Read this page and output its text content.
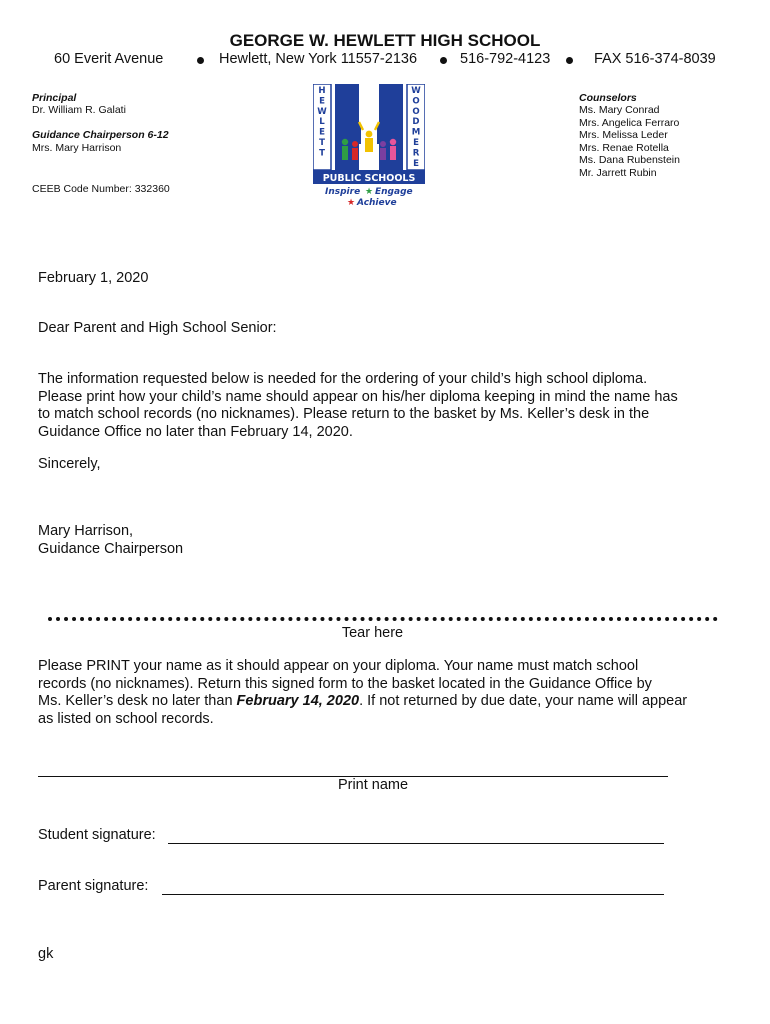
GEORGE W. HEWLETT HIGH SCHOOL
60 Everit Avenue	Hewlett, New York 11557-2136	516-792-4123	FAX 516-374-8039
Principal
Dr. William R. Galati
Guidance Chairperson 6-12
Mrs. Mary Harrison
CEEB Code Number: 332360
Counselors
Ms. Mary Conrad
Mrs. Angelica Ferraro
Mrs. Melissa Leder
Mrs. Renae Rotella
Ms. Dana Rubenstein
Mr. Jarrett Rubin
H E W L E T T
W O O D M E R E
PUBLIC SCHOOLS
Inspire ★ Engage
★ Achieve
February 1, 2020
Dear Parent and High School Senior:
The information requested below is needed for the ordering of your child’s high school diploma.
Please print how your child’s name should appear on his/her diploma keeping in mind the name has
to match school records (no nicknames). Please return to the basket by Ms. Keller’s desk in the
Guidance Office no later than February 14, 2020.
Sincerely,
Mary Harrison,
Guidance Chairperson
Tear here
Please PRINT your name as it should appear on your diploma. Your name must match school
records (no nicknames). Return this signed form to the basket located in the Guidance Office by
Ms. Keller’s desk no later than February 14, 2020. If not returned by due date, your name will appear
as listed on school records.
Print name
Student signature:
Parent signature:
gk
